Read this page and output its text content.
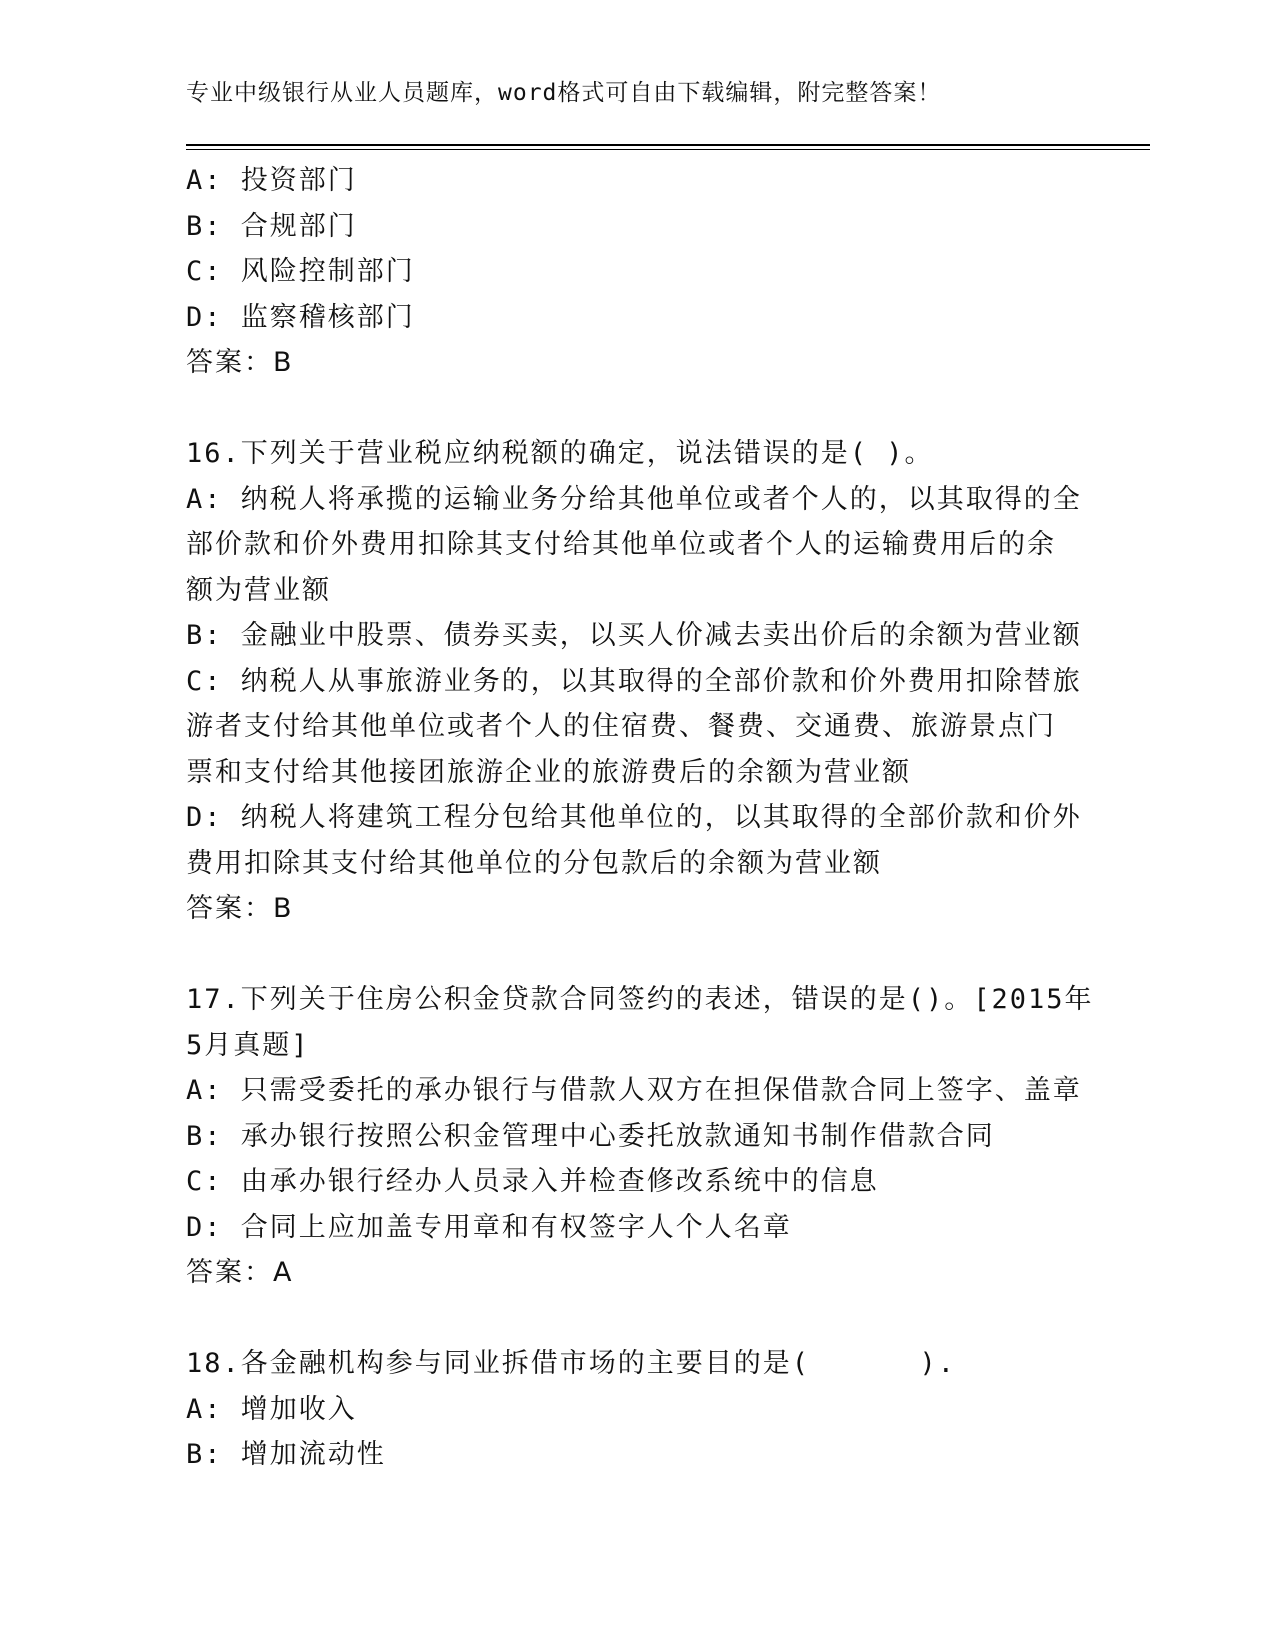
专业中级银行从业人员题库，word格式可自由下载编辑，附完整答案！
A: 投资部门
B: 合规部门
C: 风险控制部门
D: 监察稽核部门
答案：B
16.下列关于营业税应纳税额的确定，说法错误的是( )。
A: 纳税人将承揽的运输业务分给其他单位或者个人的，以其取得的全
部价款和价外费用扣除其支付给其他单位或者个人的运输费用后的余
额为营业额
B: 金融业中股票、债券买卖，以买人价减去卖出价后的余额为营业额
C: 纳税人从事旅游业务的，以其取得的全部价款和价外费用扣除替旅
游者支付给其他单位或者个人的住宿费、餐费、交通费、旅游景点门
票和支付给其他接团旅游企业的旅游费后的余额为营业额
D: 纳税人将建筑工程分包给其他单位的，以其取得的全部价款和价外
费用扣除其支付给其他单位的分包款后的余额为营业额
答案：B
17.下列关于住房公积金贷款合同签约的表述，错误的是()。[2015年
5月真题]
A: 只需受委托的承办银行与借款人双方在担保借款合同上签字、盖章
B: 承办银行按照公积金管理中心委托放款通知书制作借款合同
C: 由承办银行经办人员录入并检查修改系统中的信息
D: 合同上应加盖专用章和有权签字人个人名章
答案：A
18.各金融机构参与同业拆借市场的主要目的是(      ).
A: 增加收入
B: 增加流动性
